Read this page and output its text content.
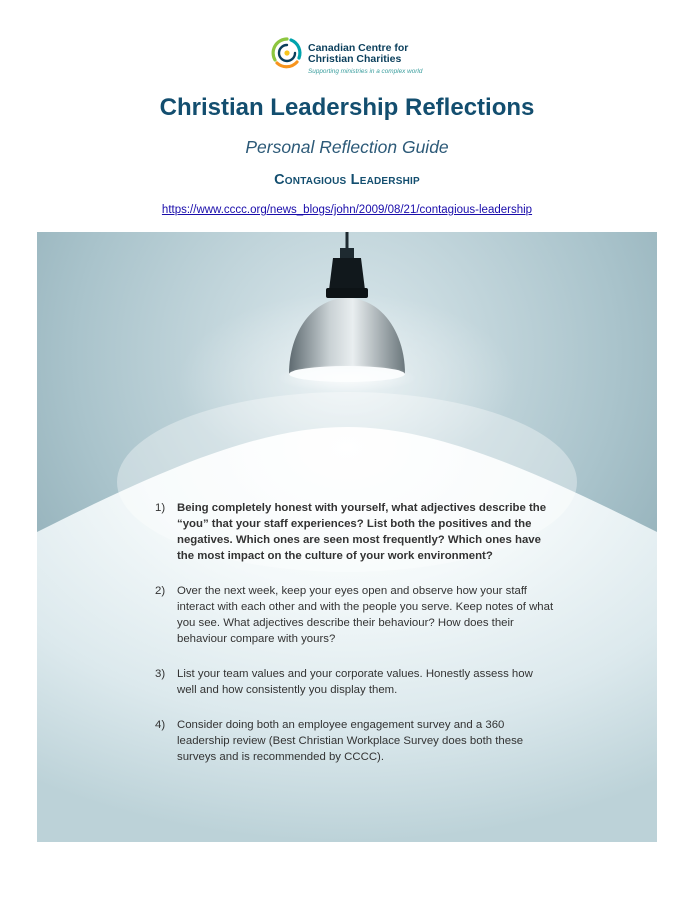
Canadian Centre for
Christian Charities
Supporting ministries in a complex world
Christian Leadership Reflections
Personal Reflection Guide
Contagious Leadership
https://www.cccc.org/news_blogs/john/2009/08/21/contagious-leadership
1) Being completely honest with yourself, what adjectives describe the “you” that your staff experiences? List both the positives and the negatives. Which ones are seen most frequently? Which ones have the most impact on the culture of your work environment?
2) Over the next week, keep your eyes open and observe how your staff interact with each other and with the people you serve. Keep notes of what you see. What adjectives describe their behaviour? How does their behaviour compare with yours?
3) List your team values and your corporate values. Honestly assess how well and how consistently you display them.
4) Consider doing both an employee engagement survey and a 360 leadership review (Best Christian Workplace Survey does both these surveys and is recommended by CCCC).
